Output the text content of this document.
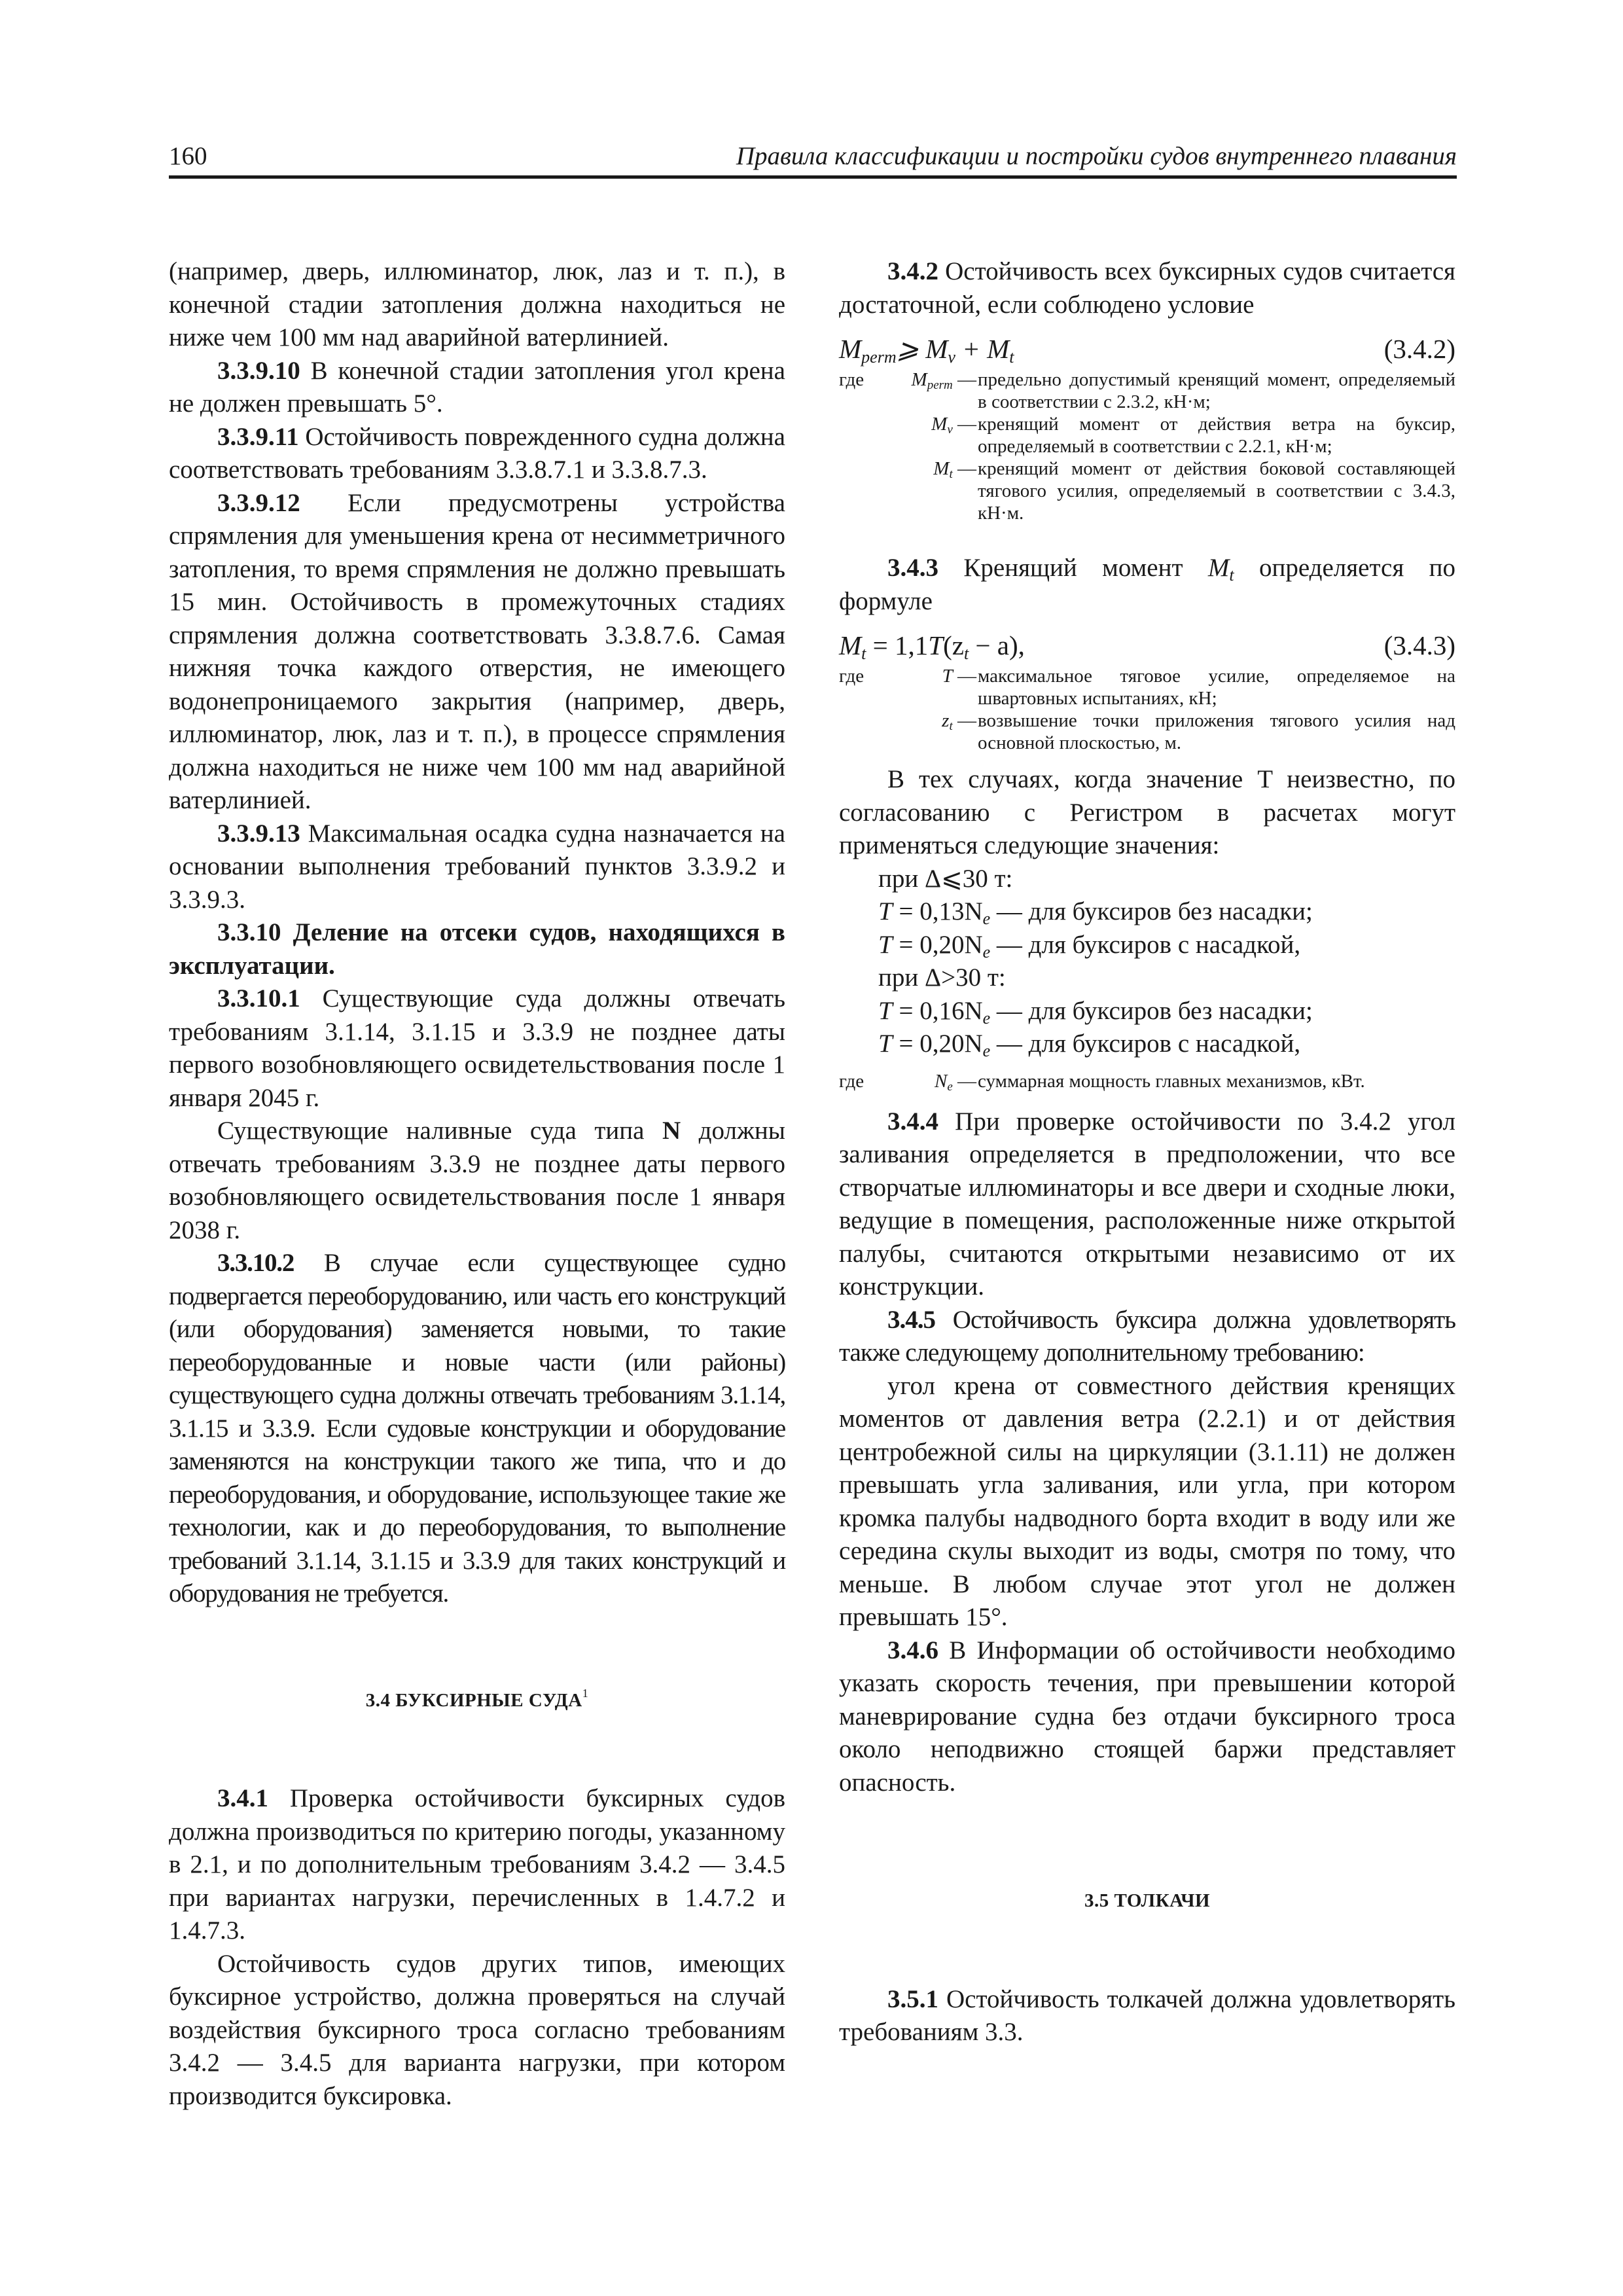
160	Правила классификации и постройки судов внутреннего плавания

(например, дверь, иллюминатор, люк, лаз и т. п.), в конечной стадии затопления должна находиться не ниже чем 100 мм над аварийной ватерлинией.

3.3.9.10 В конечной стадии затопления угол крена не должен превышать 5°.

3.3.9.11 Остойчивость поврежденного судна должна соответствовать требованиям 3.3.8.7.1 и 3.3.8.7.3.

3.3.9.12 Если предусмотрены устройства спрямления для уменьшения крена от несимметричного затопления, то время спрямления не должно превышать 15 мин. Остойчивость в промежуточных стадиях спрямления должна соответствовать 3.3.8.7.6. Самая нижняя точка каждого отверстия, не имеющего водонепроницаемого закрытия (например, дверь, иллюминатор, люк, лаз и т. п.), в процессе спрямления должна находиться не ниже чем 100 мм над аварийной ватерлинией.

3.3.9.13 Максимальная осадка судна назначается на основании выполнения требований пунктов 3.3.9.2 и 3.3.9.3.

3.3.10 Деление на отсеки судов, находящихся в эксплуатации.

3.3.10.1 Существующие суда должны отвечать требованиям 3.1.14, 3.1.15 и 3.3.9 не позднее даты первого возобновляющего освидетельствования после 1 января 2045 г.

Существующие наливные суда типа N должны отвечать требованиям 3.3.9 не позднее даты первого возобновляющего освидетельствования после 1 января 2038 г.

3.3.10.2 В случае если существующее судно подвергается переоборудованию, или часть его конструкций (или оборудования) заменяется новыми, то такие переоборудованные и новые части (или районы) существующего судна должны отвечать требованиям 3.1.14, 3.1.15 и 3.3.9. Если судовые конструкции и оборудование заменяются на конструкции такого же типа, что и до переоборудования, и оборудование, использующее такие же технологии, как и до переоборудования, то выполнение требований 3.1.14, 3.1.15 и 3.3.9 для таких конструкций и оборудования не требуется.

3.4 БУКСИРНЫЕ СУДА$^1$

3.4.1 Проверка остойчивости буксирных судов должна производиться по критерию погоды, указанному в 2.1, и по дополнительным требованиям 3.4.2 — 3.4.5 при вариантах нагрузки, перечисленных в 1.4.7.2 и 1.4.7.3.

Остойчивость судов других типов, имеющих буксирное устройство, должна проверяться на случай воздействия буксирного троса согласно требованиям 3.4.2 — 3.4.5 для варианта нагрузки, при котором производится буксировка.

3.4.2 Остойчивость всех буксирных судов считается достаточной, если соблюдено условие

$M_{perm}⩾$ $M_v + M_t$	(3.4.2)
где $M_{perm}$ — предельно допустимый кренящий момент, определяемый в соответствии с 2.3.2, кН·м;
$M_v$ — кренящий момент от действия ветра на буксир, определяемый в соответствии с 2.2.1, кН·м;
$M_t$ — кренящий момент от действия боковой составляющей тягового усилия, определяемый в соответствии с 3.4.3, кН·м.

3.4.3 Кренящий момент $M_t$ определяется по формуле

$M_t = 1,1T(z_t - a)$,	(3.4.3)
где	T — максимальное тяговое усилие, определяемое на швартовных испытаниях, кН;
$z_t$ — возвышение точки приложения тягового усилия над основной плоскостью, м.

В тех случаях, когда значение T неизвестно, по согласованию с Регистром в расчетах могут применяться следующие значения:

при Δ⩽30 т:
$T = 0,13N_e$ — для буксиров без насадки;
$T = 0,20N_e$ — для буксиров с насадкой,
при Δ>30 т:
$T = 0,16N_e$ — для буксиров без насадки;
$T = 0,20N_e$ — для буксиров с насадкой,
где	$N_e$ — суммарная мощность главных механизмов, кВт.

3.4.4 При проверке остойчивости по 3.4.2 угол заливания определяется в предположении, что все створчатые иллюминаторы и все двери и сходные люки, ведущие в помещения, расположенные ниже открытой палубы, считаются открытыми независимо от их конструкции.

3.4.5 Остойчивость буксира должна удовлетворять также следующему дополнительному требованию:

угол крена от совместного действия кренящих моментов от давления ветра (2.2.1) и от действия центробежной силы на циркуляции (3.1.11) не должен превышать угла заливания, или угла, при котором кромка палубы надводного борта входит в воду или же середина скулы выходит из воды, смотря по тому, что меньше. В любом случае этот угол не должен превышать 15°.

3.4.6 В Информации об остойчивости необходимо указать скорость течения, при превышении которой маневрирование судна без отдачи буксирного троса около неподвижно стоящей баржи представляет опасность.

3.5 ТОЛКАЧИ

3.5.1 Остойчивость толкачей должна удовлетворять требованиям 3.3.
